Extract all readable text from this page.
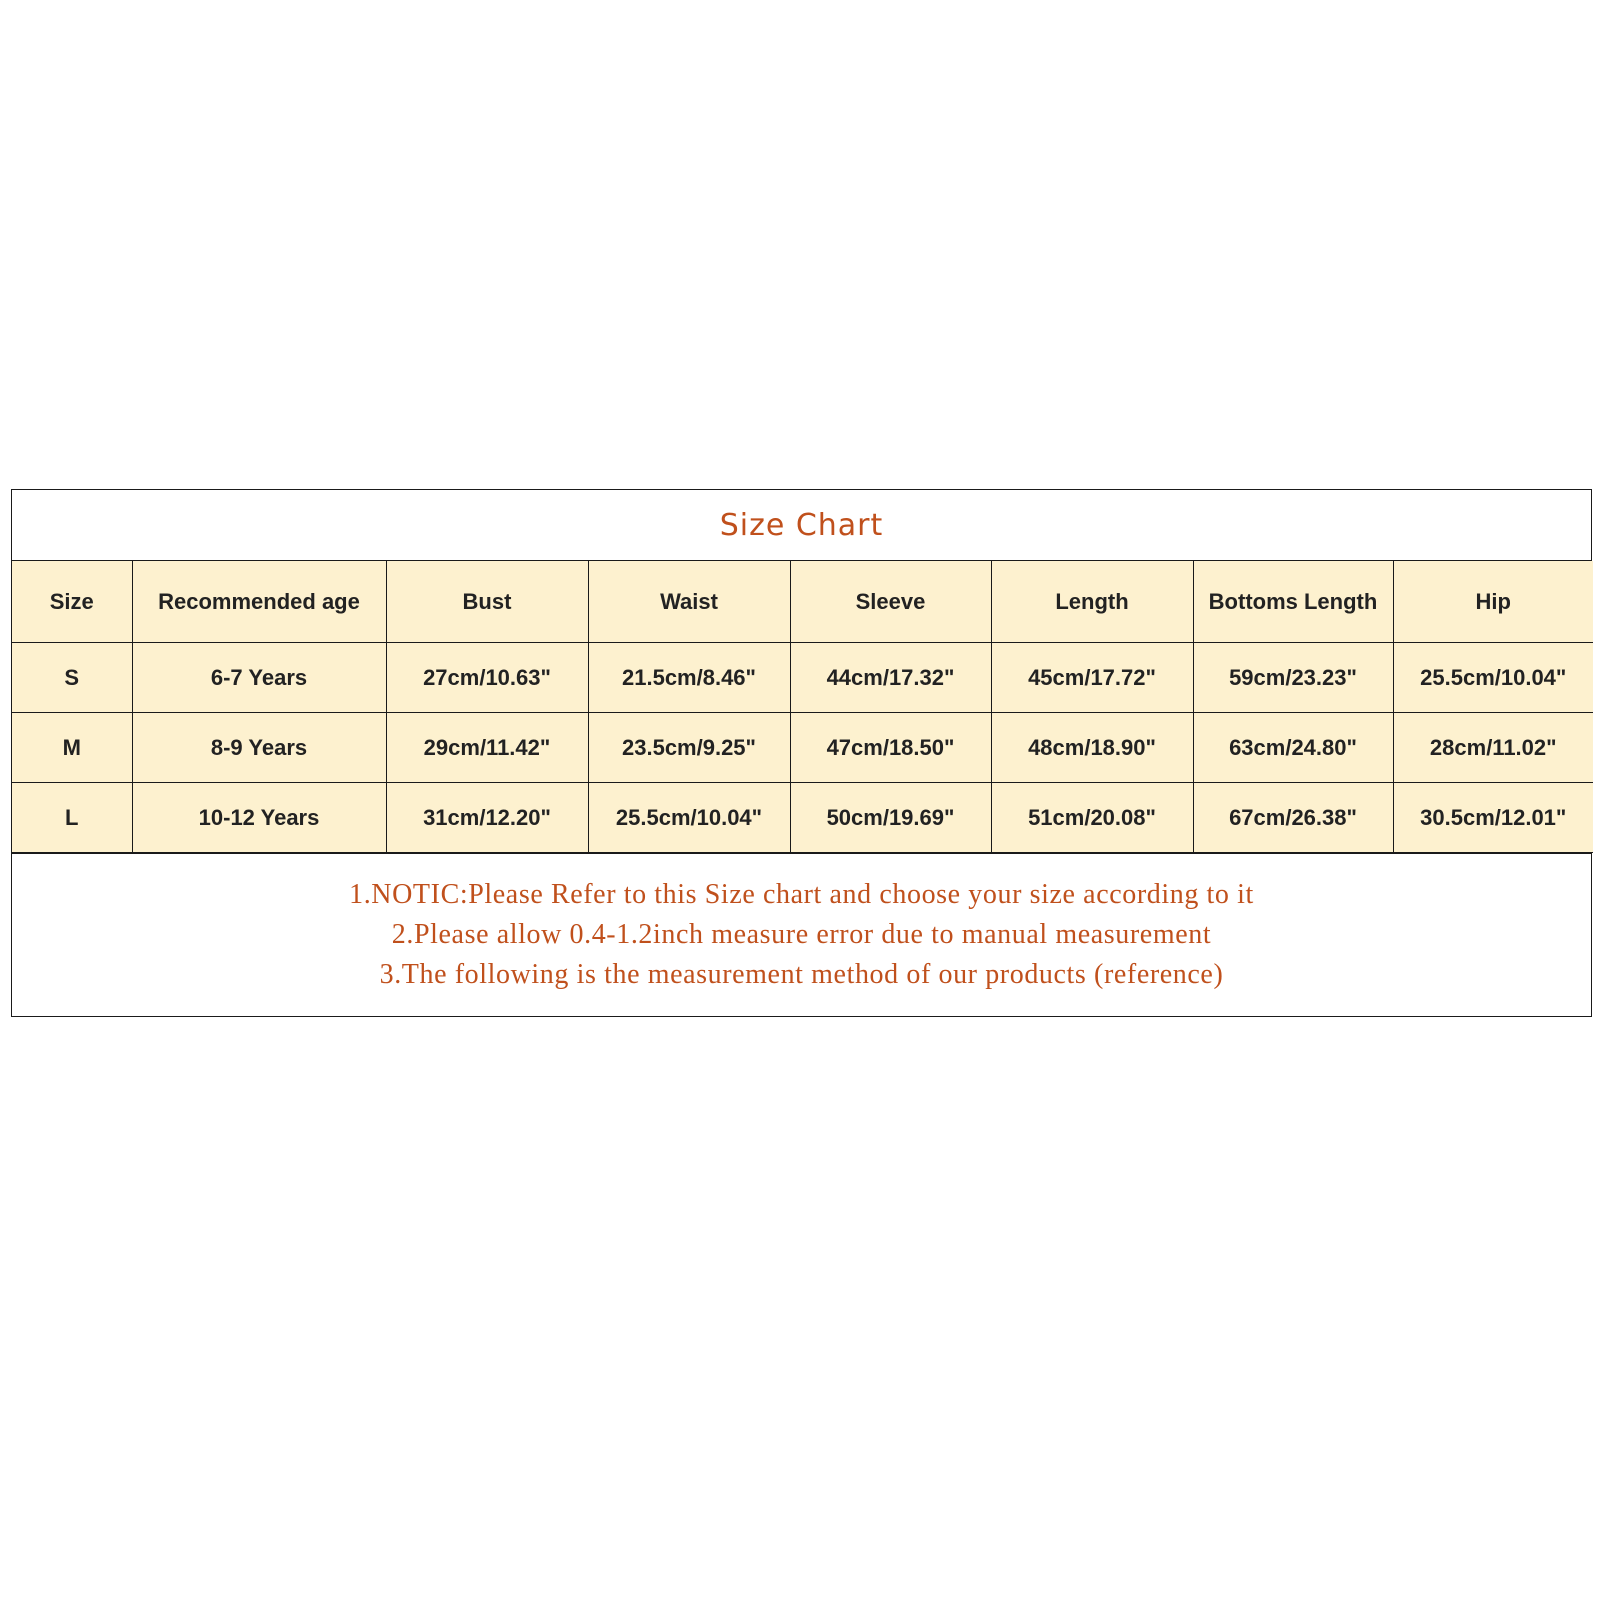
Size Chart
Size	Recommended age	Bust	Waist	Sleeve	Length	Bottoms Length	Hip
S	6-7 Years	27cm/10.63"	21.5cm/8.46"	44cm/17.32"	45cm/17.72"	59cm/23.23"	25.5cm/10.04"
M	8-9 Years	29cm/11.42"	23.5cm/9.25"	47cm/18.50"	48cm/18.90"	63cm/24.80"	28cm/11.02"
L	10-12 Years	31cm/12.20"	25.5cm/10.04"	50cm/19.69"	51cm/20.08"	67cm/26.38"	30.5cm/12.01"
1.NOTIC:Please Refer to this Size chart and choose your size according to it
2.Please allow 0.4-1.2inch measure error due to manual measurement
3.The following is the measurement method of our products (reference)
